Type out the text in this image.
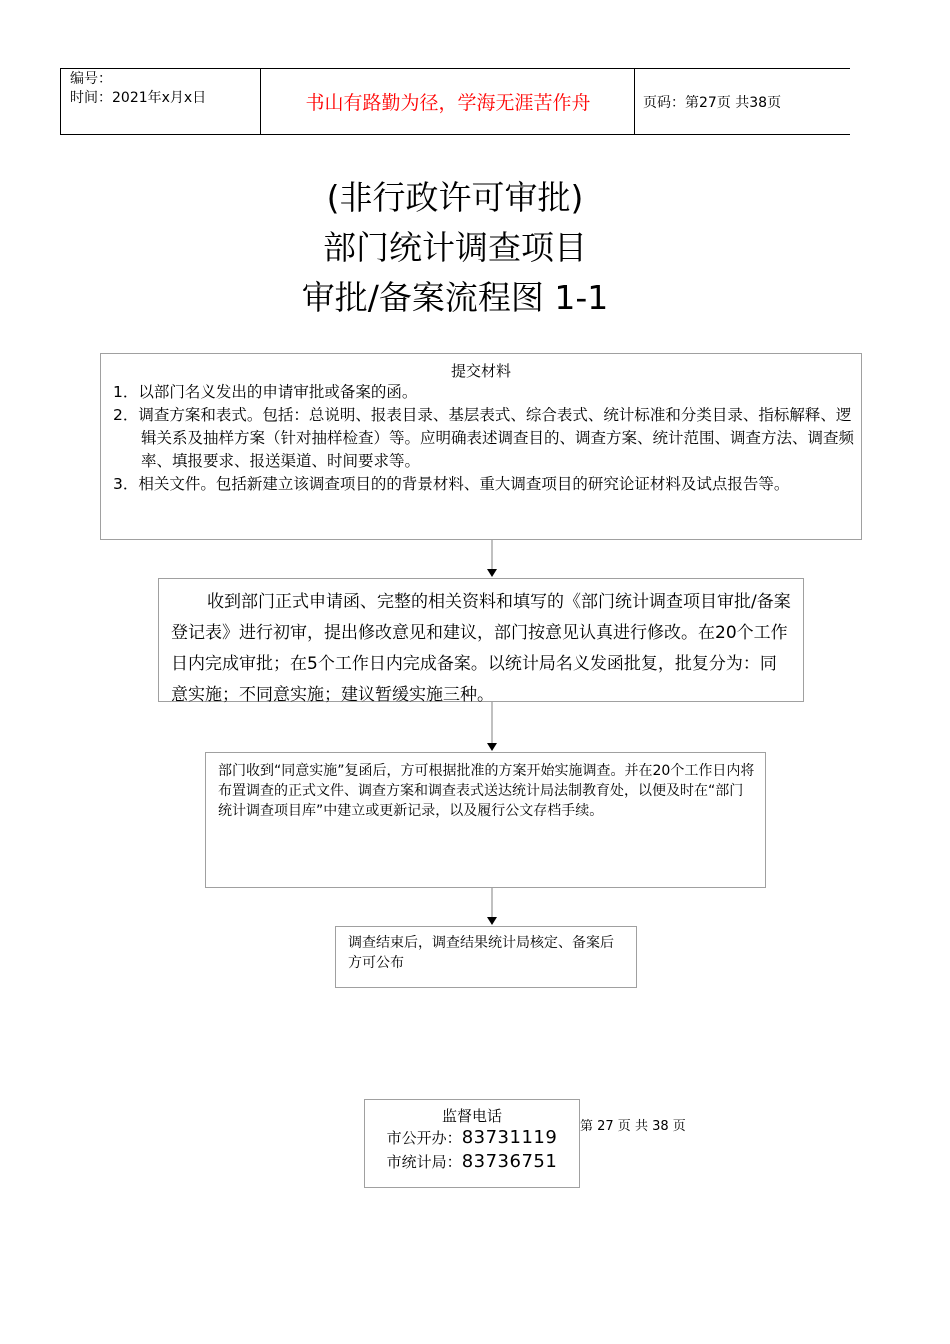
编号：
时间：2021年x月x日	书山有路勤为径，学海无涯苦作舟	页码：第27页 共38页
(非行政许可审批)
部门统计调查项目
审批/备案流程图 1-1
提交材料
1．以部门名义发出的申请审批或备案的函。
2．调查方案和表式。包括：总说明、报表目录、基层表式、综合表式、统计标准和分类目录、指标解释、逻辑关系及抽样方案（针对抽样检查）等。应明确表述调查目的、调查方案、统计范围、调查方法、调查频率、填报要求、报送渠道、时间要求等。
3．相关文件。包括新建立该调查项目的的背景材料、重大调查项目的研究论证材料及试点报告等。

收到部门正式申请函、完整的相关资料和填写的《部门统计调查项目审批/备案登记表》进行初审，提出修改意见和建议，部门按意见认真进行修改。在20个工作日内完成审批；在5个工作日内完成备案。以统计局名义发函批复，批复分为：同意实施；不同意实施；建议暂缓实施三种。

部门收到“同意实施”复函后，方可根据批准的方案开始实施调查。并在20个工作日内将布置调查的正式文件、调查方案和调查表式送达统计局法制教育处，以便及时在“部门统计调查项目库”中建立或更新记录，以及履行公文存档手续。

调查结束后，调查结果统计局核定、备案后方可公布

监督电话
市公开办：83731119
市统计局：83736751
第 27 页 共 38 页
